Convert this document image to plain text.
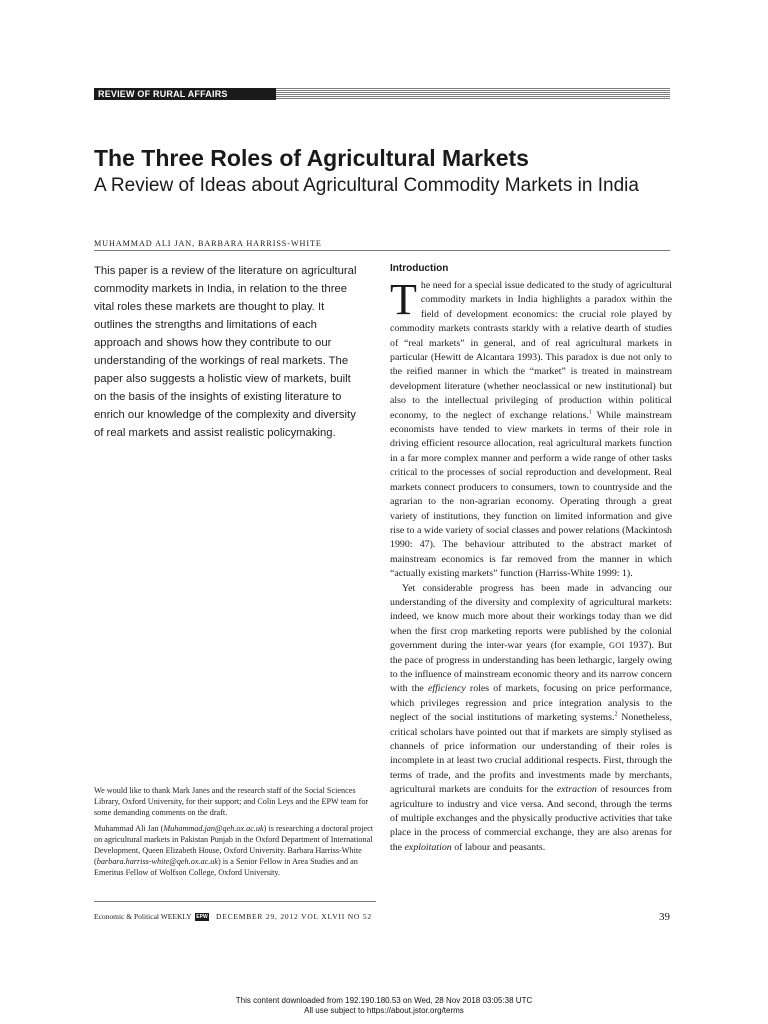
REVIEW OF RURAL AFFAIRS
The Three Roles of Agricultural Markets
A Review of Ideas about Agricultural Commodity Markets in India
MUHAMMAD ALI JAN, BARBARA HARRISS-WHITE

This paper is a review of the literature on agricultural commodity markets in India, in relation to the three vital roles these markets are thought to play. It outlines the strengths and limitations of each approach and shows how they contribute to our understanding of the workings of real markets. The paper also suggests a holistic view of markets, built on the basis of the insights of existing literature to enrich our knowledge of the complexity and diversity of real markets and assist realistic policymaking.

We would like to thank Mark Janes and the research staff of the Social Sciences Library, Oxford University, for their support; and Colin Leys and the EPW team for some demanding comments on the draft.

Muhammad Ali Jan (Muhammad.jan@qeh.ox.ac.uk) is researching a doctoral project on agricultural markets in Pakistan Punjab in the Oxford Department of International Development, Queen Elizabeth House, Oxford University. Barbara Harriss-White (barbara.harriss-white@qeh.ox.ac.uk) is a Senior Fellow in Area Studies and an Emeritus Fellow of Wolfson College, Oxford University.

Introduction

The need for a special issue dedicated to the study of agricultural commodity markets in India highlights a paradox within the field of development economics: the crucial role played by commodity markets contrasts starkly with a relative dearth of studies of “real markets” in general, and of real agricultural markets in particular (Hewitt de Alcantara 1993). This paradox is due not only to the reified manner in which the “market” is treated in mainstream development literature (whether neoclassical or new institutional) but also to the intellectual privileging of production within political economy, to the neglect of exchange relations.$^1$ While mainstream economists have tended to view markets in terms of their role in driving efficient resource allocation, real agricultural markets function in a far more complex manner and perform a wide range of other tasks critical to the processes of social reproduction and development. Real markets connect producers to consumers, town to countryside and the agrarian to the non-agrarian economy. Operating through a great variety of institutions, they function on limited information and give rise to a wide variety of social classes and power relations (Mackintosh 1990: 47). The behaviour attributed to the abstract market of mainstream economics is far removed from the manner in which “actually existing markets” function (Harriss-White 1999: 1).

Yet considerable progress has been made in advancing our understanding of the diversity and complexity of agricultural markets: indeed, we know much more about their workings today than we did when the first crop marketing reports were published by the colonial government during the inter-war years (for example, GOI 1937). But the pace of progress in understanding has been lethargic, largely owing to the influence of mainstream economic theory and its narrow concern with the efficiency roles of markets, focusing on price performance, which privileges regression and price integration analysis to the neglect of the social institutions of marketing systems.$^2$ Nonetheless, critical scholars have pointed out that if markets are simply stylised as channels of price information our understanding of their roles is incomplete in at least two crucial additional respects. First, through the terms of trade, and the profits and investments made by merchants, agricultural markets are conduits for the extraction of resources from agriculture to industry and vice versa. And second, through the terms of multiple exchanges and the physically productive activities that take place in the process of commercial exchange, they are also arenas for the exploitation of labour and peasants.

Economic & Political WEEKLY EPW DECEMBER 29, 2012 VOL XLVII NO 52	39
This content downloaded from 192.190.180.53 on Wed, 28 Nov 2018 03:05:38 UTC
All use subject to https://about.jstor.org/terms
